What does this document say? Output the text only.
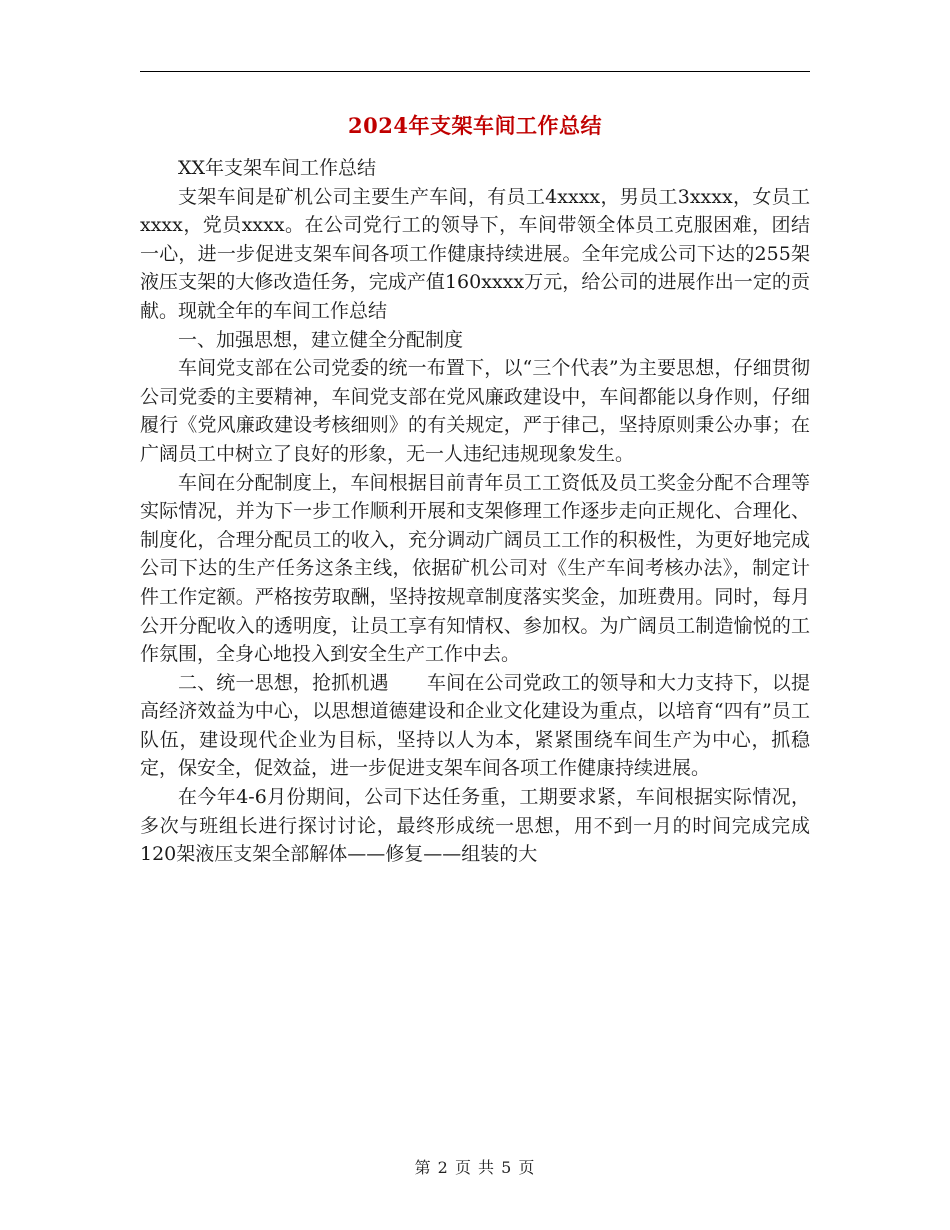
2024年支架车间工作总结

XX年支架车间工作总结

支架车间是矿机公司主要生产车间，有员工4xxxx，男员工3xxxx，女员工xxxx，党员xxxx。在公司党行工的领导下，车间带领全体员工克服困难，团结一心，进一步促进支架车间各项工作健康持续进展。全年完成公司下达的255架液压支架的大修改造任务，完成产值160xxxx万元，给公司的进展作出一定的贡献。现就全年的车间工作总结

一、加强思想，建立健全分配制度

车间党支部在公司党委的统一布置下，以“三个代表”为主要思想，仔细贯彻公司党委的主要精神，车间党支部在党风廉政建设中，车间都能以身作则，仔细履行《党风廉政建设考核细则》的有关规定，严于律己，坚持原则秉公办事；在广阔员工中树立了良好的形象，无一人违纪违规现象发生。

车间在分配制度上，车间根据目前青年员工工资低及员工奖金分配不合理等实际情况，并为下一步工作顺利开展和支架修理工作逐步走向正规化、合理化、制度化，合理分配员工的收入，充分调动广阔员工工作的积极性，为更好地完成公司下达的生产任务这条主线，依据矿机公司对《生产车间考核办法》，制定计件工作定额。严格按劳取酬，坚持按规章制度落实奖金，加班费用。同时，每月公开分配收入的透明度，让员工享有知情权、参加权。为广阔员工制造愉悦的工作氛围，全身心地投入到安全生产工作中去。

二、统一思想，抢抓机遇　　车间在公司党政工的领导和大力支持下，以提高经济效益为中心，以思想道德建设和企业文化建设为重点，以培育“四有”员工队伍，建设现代企业为目标，坚持以人为本，紧紧围绕车间生产为中心，抓稳定，保安全，促效益，进一步促进支架车间各项工作健康持续进展。

在今年4-6月份期间，公司下达任务重，工期要求紧，车间根据实际情况，多次与班组长进行探讨讨论，最终形成统一思想，用不到一月的时间完成完成120架液压支架全部解体——修复——组装的大

第 2 页 共 5 页
